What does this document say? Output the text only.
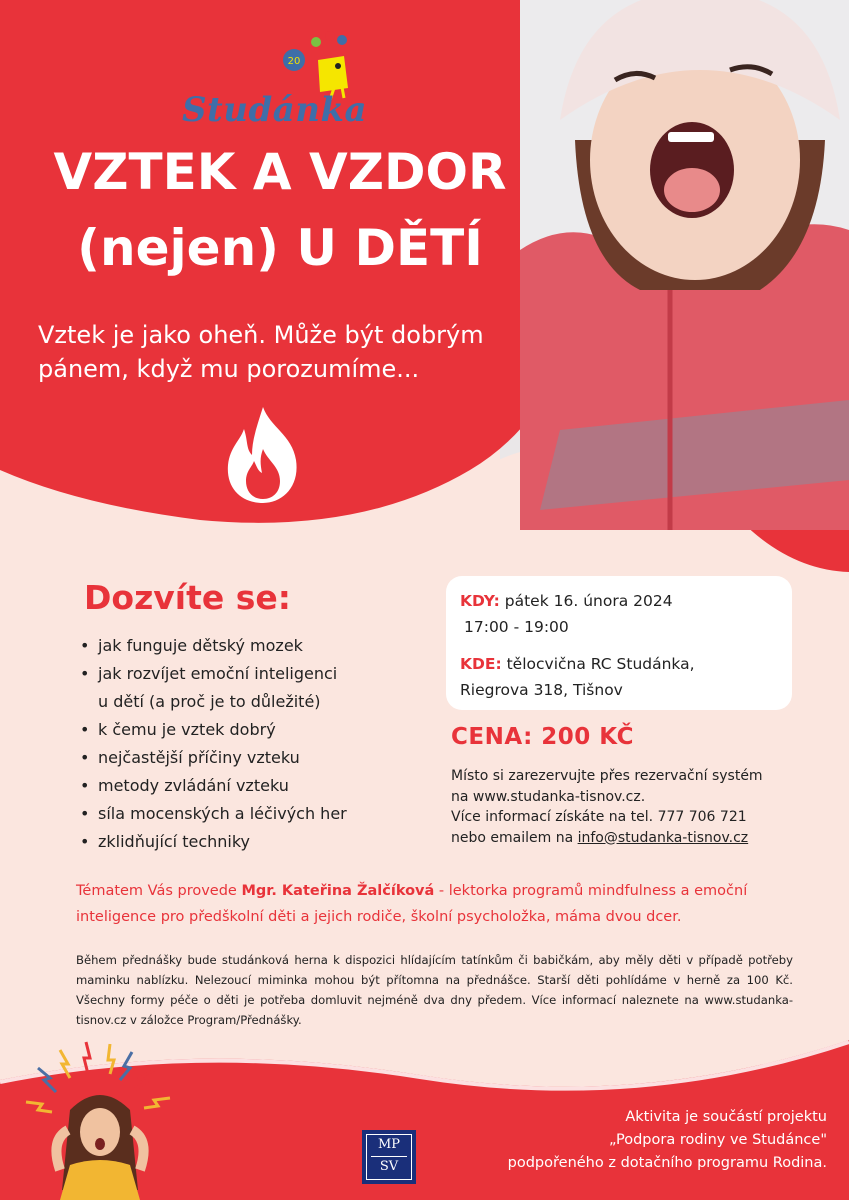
20
Studánka
VZTEK A VZDOR
(nejen) U DĚTÍ
Vztek je jako oheň. Může být dobrým
pánem, když mu porozumíme...
Dozvíte se:
• jak funguje dětský mozek
• jak rozvíjet emoční inteligenci
u dětí (a proč je to důležité)
• k čemu je vztek dobrý
• nejčastější příčiny vzteku
• metody zvládání vzteku
• síla mocenských a léčivých her
• zklidňující techniky

KDY: pátek 16. února 2024

17:00 - 19:00

KDE: tělocvična RC Studánka,

Riegrova 318, Tišnov

CENA: 200 KČ
Místo si zarezervujte přes rezervační systém
na www.studanka-tisnov.cz.
Více informací získáte na tel. 777 706 721
nebo emailem na info@studanka-tisnov.cz
Tématem Vás provede Mgr. Kateřina Žalčíková - lektorka programů mindfulness a emoční inteligence pro předškolní děti a jejich rodiče, školní psycholožka, máma dvou dcer.
Během přednášky bude studánková herna k dispozici hlídajícím tatínkům či babičkám, aby měly děti v případě potřeby maminku nablízku. Nelezoucí miminka mohou být přítomna na přednášce. Starší děti pohlídáme v herně za 100 Kč. Všechny formy péče o děti je potřeba domluvit nejméně dva dny předem. Více informací naleznete na www.studanka-tisnov.cz v záložce Program/Přednášky.
MP
SV
Aktivita je součástí projektu
„Podpora rodiny ve Studánce"
podpořeného z dotačního programu Rodina.
